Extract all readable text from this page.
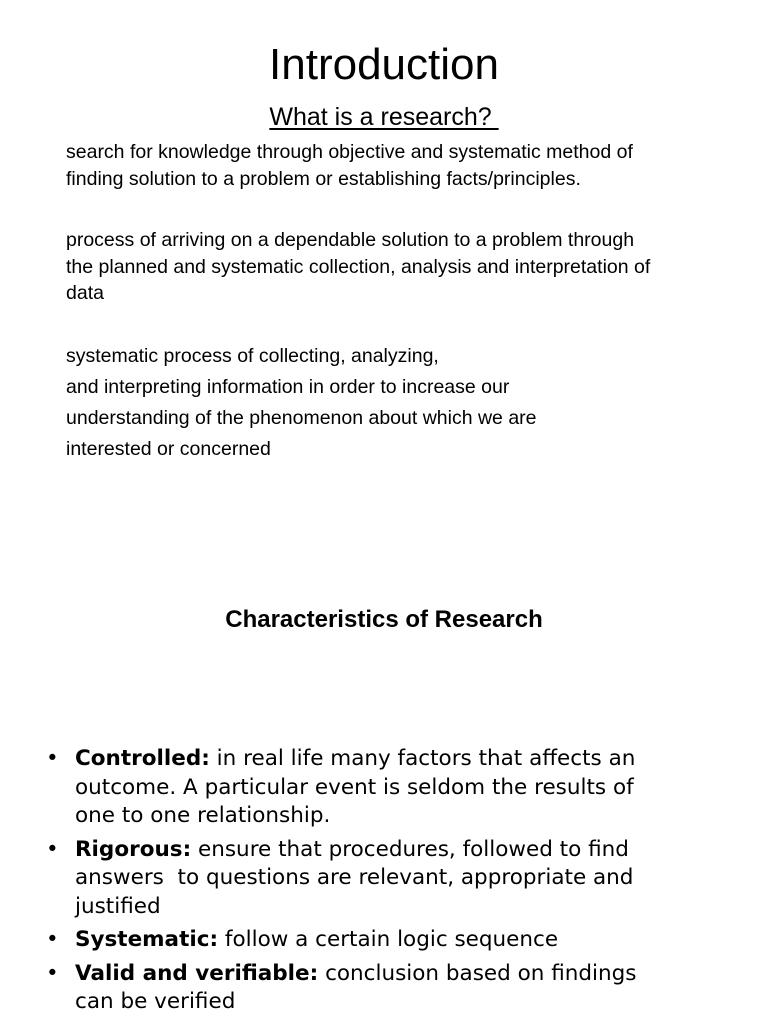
Introduction
What is a research?
search for knowledge through objective and systematic method of
finding solution to a problem or establishing facts/principles.
process of arriving on a dependable solution to a problem through
the planned and systematic collection, analysis and interpretation of
data
systematic process of collecting, analyzing,
and interpreting information in order to increase our
understanding of the phenomenon about which we are
interested or concerned
Characteristics of Research
• Controlled: in real life many factors that affects an
outcome. A particular event is seldom the results of
one to one relationship.
• Rigorous: ensure that procedures, followed to find
answers  to questions are relevant, appropriate and
justified
• Systematic: follow a certain logic sequence
• Valid and verifiable: conclusion based on findings
can be verified
